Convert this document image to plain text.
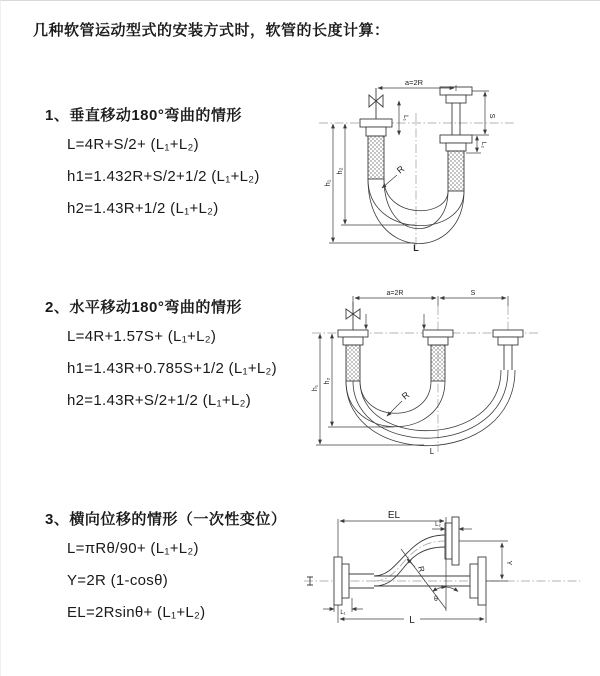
几种软管运动型式的安装方式时，软管的长度计算：
1、垂直移动180°弯曲的情形
L=4R+S/2+ (L₁+L₂)
h1=1.432R+S/2+1/2 (L₁+L₂)
h2=1.43R+1/2 (L₁+L₂)
a=2R
S
L₂
L₁
h₁
h₂	R
L
2、水平移动180°弯曲的情形
L=4R+1.57S+ (L₁+L₂)
h1=1.43R+0.785S+1/2 (L₁+L₂)
h2=1.43R+S/2+1/2 (L₁+L₂)
a=2R	S
h₁
h₂
R
L
3、横向位移的情形（一次性变位）
L=πRθ/90+ (L₁+L₂)
Y=2R (1-cosθ)
EL=2Rsinθ+ (L₁+L₂)
EL
L₂
Y
R
θ
L
L₁
